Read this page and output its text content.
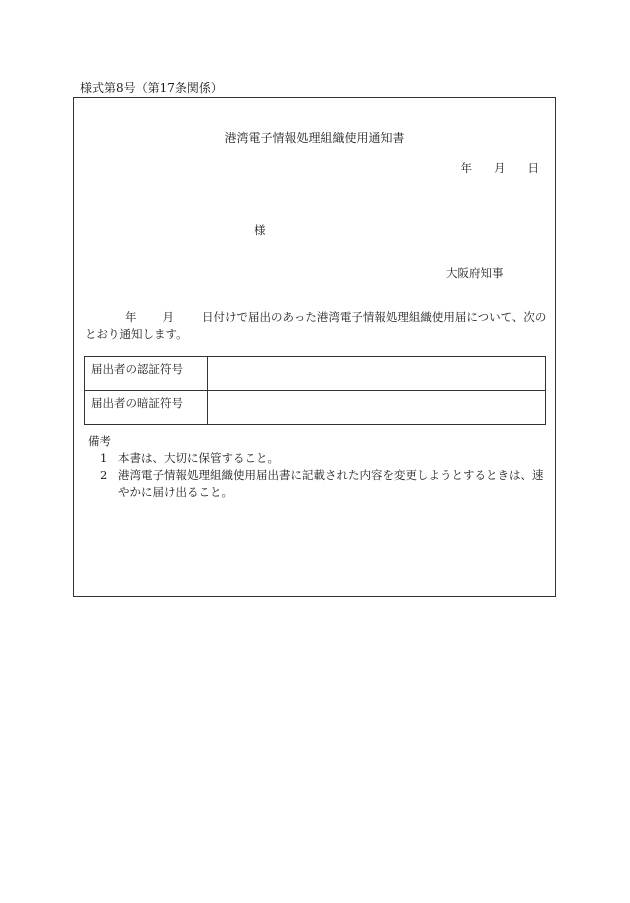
様式第8号（第17条関係）
港湾電子情報処理組織使用通知書
年 月 日
様
大阪府知事
年 月 日付けで届出のあった港湾電子情報処理組織使用届について、次の
とおり通知します。
届出者の認証符号	
届出者の暗証符号	
備考
1 本書は、大切に保管すること。
2 港湾電子情報処理組織使用届出書に記載された内容を変更しようとするときは、速やかに届け出ること。
